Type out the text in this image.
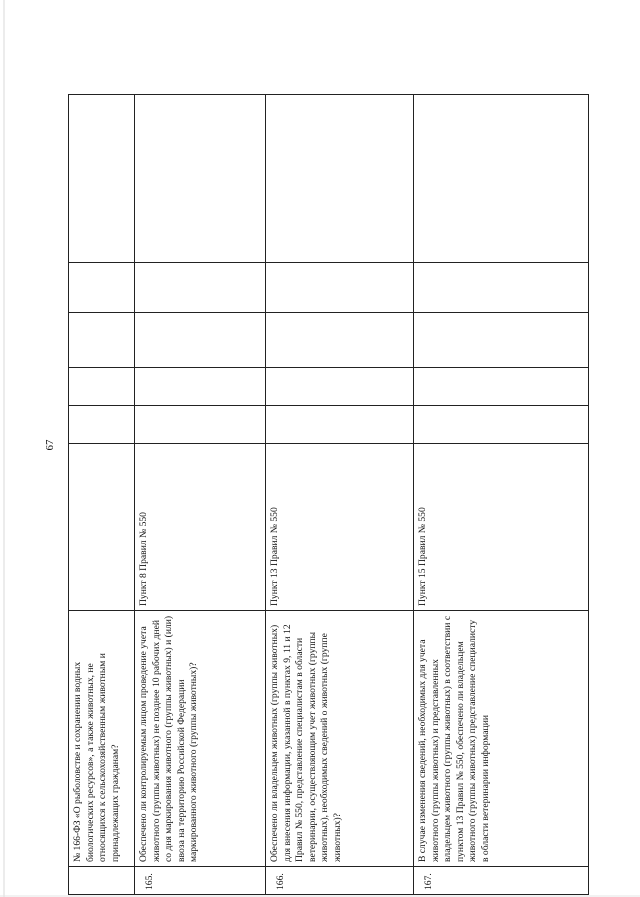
67

	№ 166-ФЗ «О рыболовстве и сохранении водных биологических ресурсов», а также животных, не относящихся к сельскохозяйственным животным и принадлежащих гражданам?						

165.	Обеспечено ли контролируемым лицом проведение учета животного (группы животных) не позднее 10 рабочих дней со дня маркирования животного (группы животных) и (или) ввоза на территорию Российской Федерации маркированного животного (группы животных)?	Пункт 8 Правил № 550					

166.	Обеспечено ли владельцем животных (группы животных) для внесения информации, указанной в пунктах 9, 11 и 12 Правил № 550, представление специалистам в области ветеринарии, осуществляющим учет животных (группы животных), необходимых сведений о животных (группе животных)?	Пункт 13 Правил № 550					

167.	В случае изменения сведений, необходимых для учета животного (группы животных) и представленных владельцем животного (группы животных) в соответствии с пунктом 13 Правил № 550, обеспечено ли владельцем животного (группы животных) представление специалисту в области ветеринарии информации	Пункт 15 Правил № 550					
